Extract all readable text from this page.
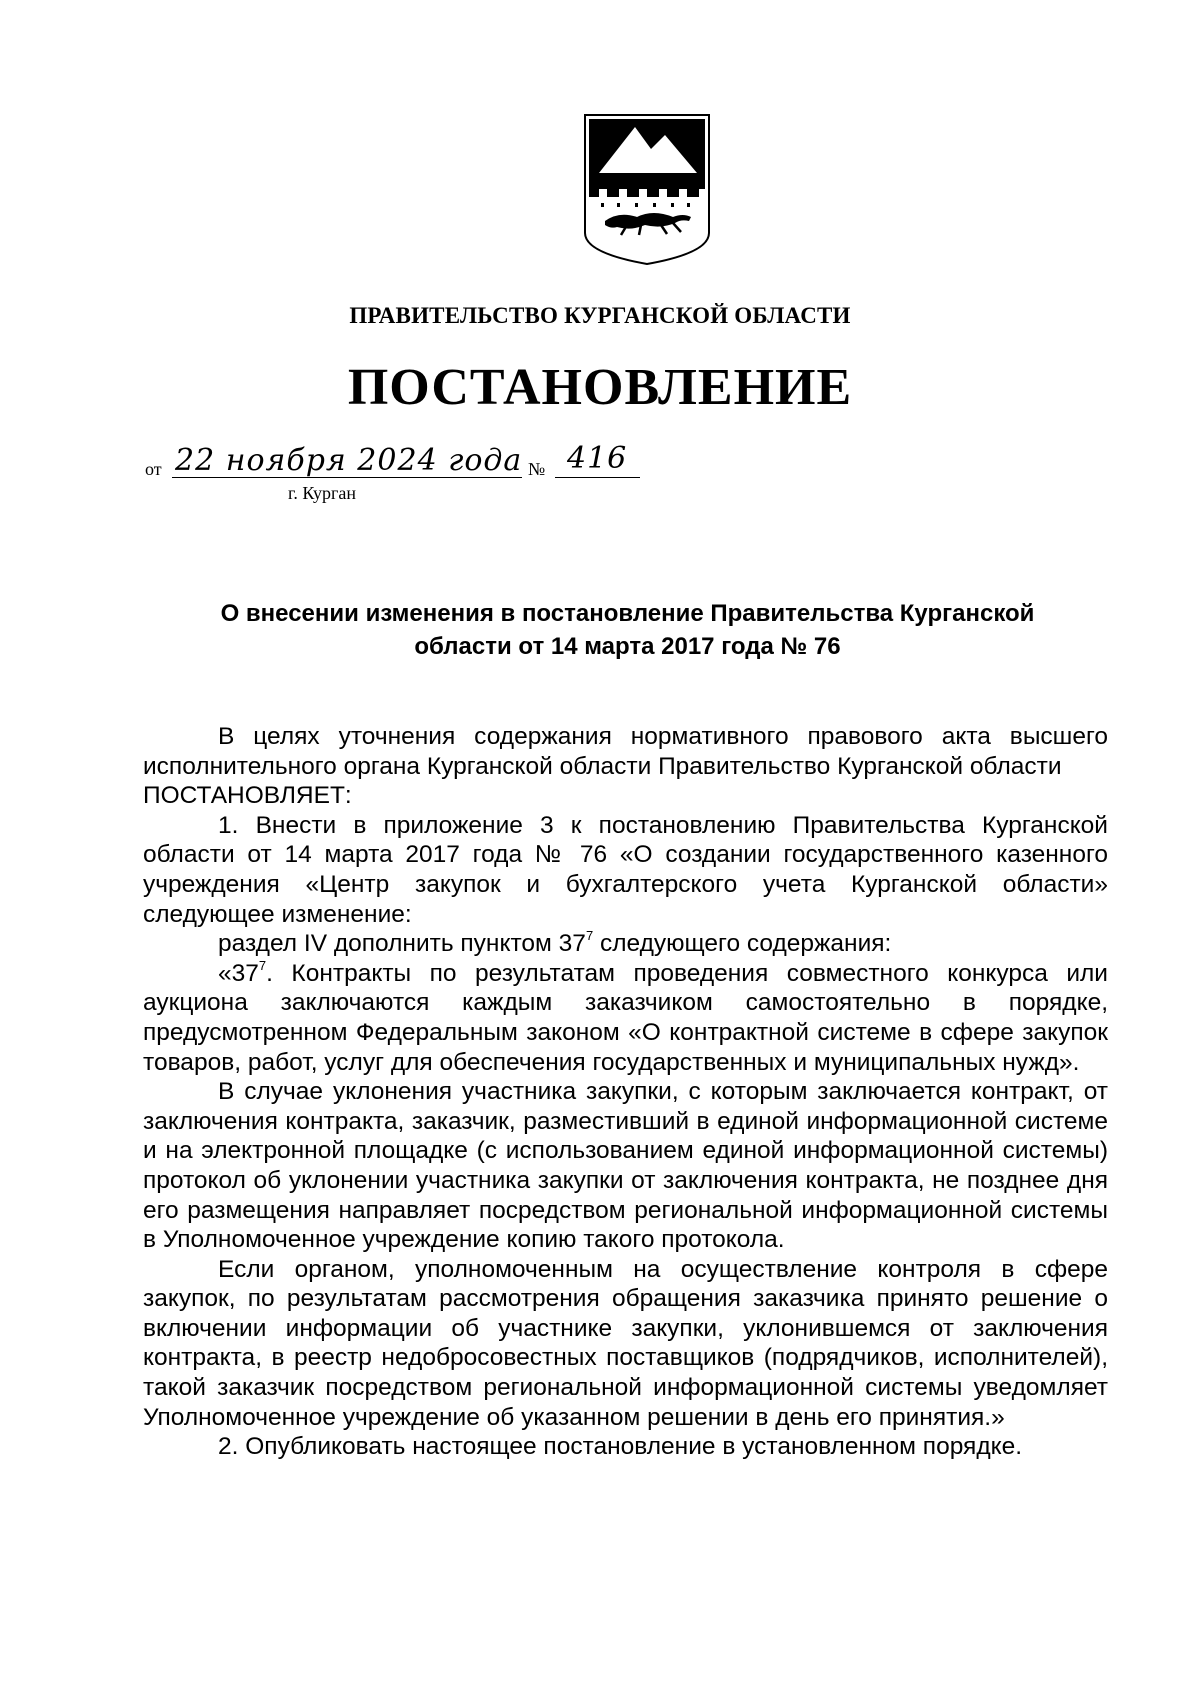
ПРАВИТЕЛЬСТВО КУРГАНСКОЙ ОБЛАСТИ
ПОСТАНОВЛЕНИЕ
от 22 ноября 2024 года № 416
г. Курган
О внесении изменения в постановление Правительства Курганской
области от 14 марта 2017 года № 76

В целях уточнения содержания нормативного правового акта высшего исполнительного органа Курганской области Правительство Курганской области
ПОСТАНОВЛЯЕТ:

1. Внести в приложение 3 к постановлению Правительства Курганской области от 14 марта 2017 года № 76 «О создании государственного казенного учреждения «Центр закупок и бухгалтерского учета Курганской области» следующее изменение:

раздел IV дополнить пунктом $37^7$ следующего содержания:

«$37^7$. Контракты по результатам проведения совместного конкурса или аукциона заключаются каждым заказчиком самостоятельно в порядке, предусмотренном Федеральным законом «О контрактной системе в сфере закупок товаров, работ, услуг для обеспечения государственных и муниципальных нужд».

В случае уклонения участника закупки, с которым заключается контракт, от заключения контракта, заказчик, разместивший в единой информационной системе и на электронной площадке (с использованием единой информационной системы) протокол об уклонении участника закупки от заключения контракта, не позднее дня его размещения направляет посредством региональной информационной системы в Уполномоченное учреждение копию такого протокола.

Если органом, уполномоченным на осуществление контроля в сфере закупок, по результатам рассмотрения обращения заказчика принято решение о включении информации об участнике закупки, уклонившемся от заключения контракта, в реестр недобросовестных поставщиков (подрядчиков, исполнителей), такой заказчик посредством региональной информационной системы уведомляет Уполномоченное учреждение об указанном решении в день его принятия.»

2. Опубликовать настоящее постановление в установленном порядке.
